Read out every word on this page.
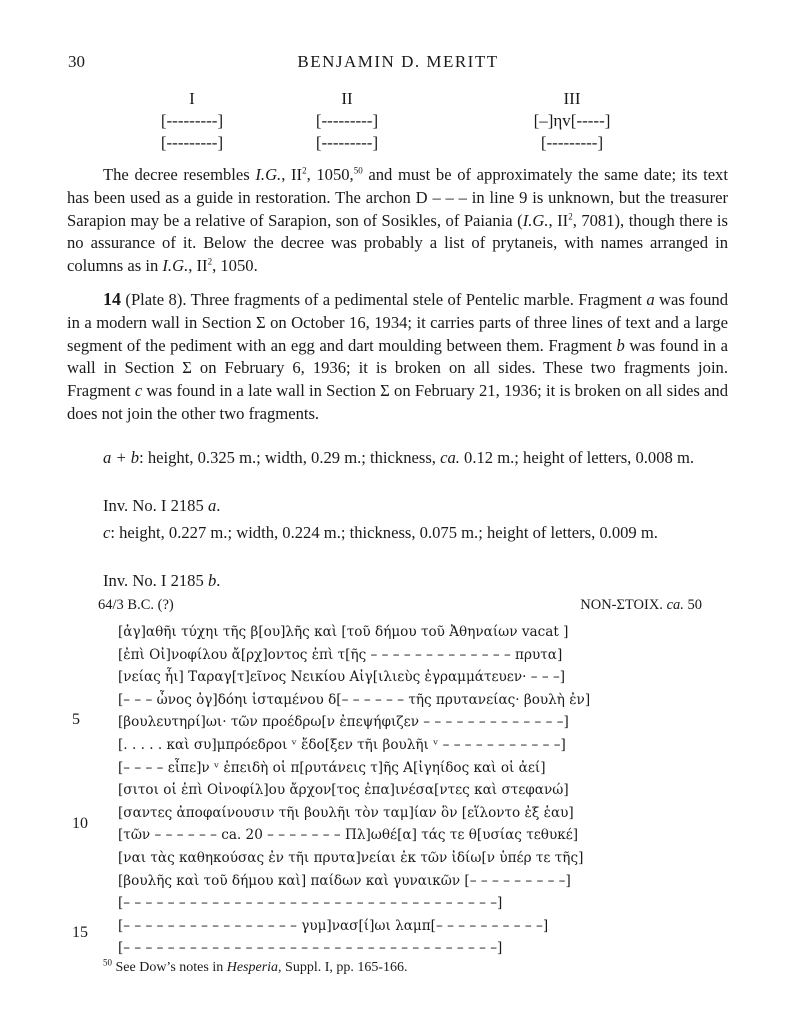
30	BENJAMIN D. MERITT
I
[---------]
[---------]
II
[---------]
[---------]
III
[–]ηv[-----]
[---------]

The decree resembles I.G., $II^2$, 1050,50 and must be of approximately the same date; its text has been used as a guide in restoration. The archon D – – – in line 9 is unknown, but the treasurer Sarapion may be a relative of Sarapion, son of Sosikles, of Paiania (I.G., $II^2$, 7081), though there is no assurance of it. Below the decree was probably a list of prytaneis, with names arranged in columns as in I.G., $II^2$, 1050.

14 (Plate 8). Three fragments of a pedimental stele of Pentelic marble. Fragment a was found in a modern wall in Section Σ on October 16, 1934; it carries parts of three lines of text and a large segment of the pediment with an egg and dart moulding between them. Fragment b was found in a wall in Section Σ on February 6, 1936; it is broken on all sides. These two fragments join. Fragment c was found in a late wall in Section Σ on February 21, 1936; it is broken on all sides and does not join the other two fragments.

a + b: height, 0.325 m.; width, 0.29 m.; thickness, ca. 0.12 m.; height of letters, 0.008 m.

Inv. No. I 2185 a.

c: height, 0.227 m.; width, 0.224 m.; thickness, 0.075 m.; height of letters, 0.009 m.

Inv. No. I 2185 b.
64/3 B.C. (?)	NON-ΣTOIX. ca. 50
[ἀγ]αθῆι τύχηι τῆς β[ου]λῆς καὶ [τοῦ δήμου τοῦ Ἀθηναίων vacat ]
[ἐπὶ Οἰ]νοφίλου ἄ[ρχ]οντος ἐπὶ τ[ῆς – – – – – – – – – – – – – πρυτα]
[νείας ἧι] Ταραγ[τ]εῖνος Νεικίου Αἰγ[ιλιεὺς ἐγραμμάτευεν· – – –]
[– – – ὦνος ὀγ]δόηι ἱσταμένου δ[– – – – – – τῆς πρυτανείας· βουλὴ ἐν]
[βουλευτηρί]ωι· τῶν προέδρω[ν ἐπεψήφιζεν – – – – – – – – – – – – –]
[. . . . . καὶ συ]μπρόεδροι ᵛ ἔδο[ξεν τῆι βουλῆι ᵛ – – – – – – – – – – –]
[– – – – εἶπε]ν ᵛ ἐπειδὴ οἱ π[ρυτάνεις τ]ῆς Α[ἰγηίδος καὶ οἱ ἀεί]
[σιτοι οἱ ἐπὶ Οἰνοφίλ]ου ἄρχον[τος ἐπα]ινέσα[ντες καὶ στεφανώ]
[σαντες ἀποφαίνουσιν τῆι βουλῆι τὸν ταμ]ίαν ὃν [εἵλοντο ἐξ ἑαυ]
[τῶν – – – – – – ca. 20 – – – – – – – Πλ]ωθέ[α] τάς τε θ[υσίας τεθυκέ]
[ναι τὰς καθηκούσας ἐν τῆι πρυτα]νείαι ἐκ τῶν ἰδίω[ν ὑπέρ τε τῆς]
[βουλῆς καὶ τοῦ δήμου καὶ] παίδων καὶ γυναικῶν [– – – – – – – – –]
[– – – – – – – – – – – – – – – – – – – – – – – – – – – – – – – – – –]
[– – – – – – – – – – – – – – – – γυμ]νασ[ί]ωι λαμπ[– – – – – – – – – –]
[– – – – – – – – – – – – – – – – – – – – – – – – – – – – – – – – – –]
5
10
15
$^{50}$ See Dow’s notes in Hesperia, Suppl. I, pp. 165-166.
